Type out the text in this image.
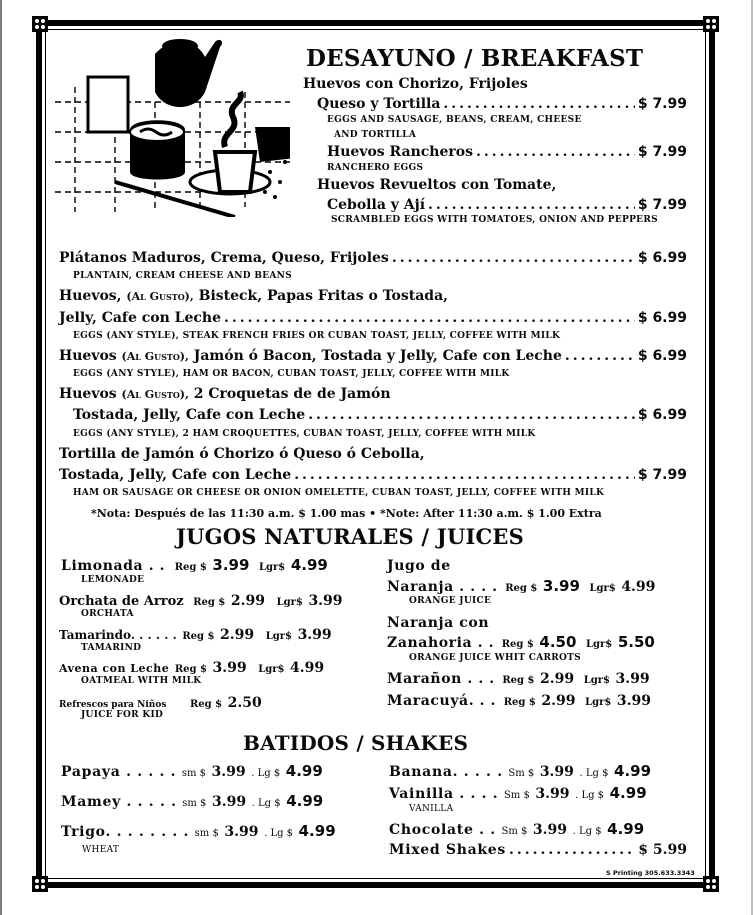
DESAYUNO / BREAKFAST
Huevos con Chorizo, Frijoles
Queso y Tortilla .....	$ 7.99
EGGS AND SAUSAGE, BEANS, CREAM, CHEESE
AND TORTILLA
Huevos Rancheros .....	$ 7.99
RANCHERO EGGS
Huevos Revueltos con Tomate,
Cebolla y Ají .....	$ 7.99
SCRAMBLED EGGS WITH TOMATOES, ONION AND PEPPERS
Plátanos Maduros, Crema, Queso, Frijoles .....	$ 6.99
PLANTAIN, CREAM CHEESE AND BEANS
Huevos, (Al Gusto), Bisteck, Papas Fritas o Tostada,
Jelly, Cafe con Leche .....	$ 6.99
EGGS (ANY STYLE), STEAK FRENCH FRIES OR CUBAN TOAST, JELLY, COFFEE WITH MILK
Huevos (Al Gusto), Jamón ó Bacon, Tostada y Jelly, Cafe con Leche .....	$ 6.99
EGGS (ANY STYLE), HAM OR BACON, CUBAN TOAST, JELLY, COFFEE WITH MILK
Huevos (Al Gusto), 2 Croquetas de de Jamón
Tostada, Jelly, Cafe con Leche .....	$ 6.99
EGGS (ANY STYLE), 2 HAM CROQUETTES, CUBAN TOAST, JELLY, COFFEE WITH MILK
Tortilla de Jamón ó Chorizo ó Queso ó Cebolla,
Tostada, Jelly, Cafe con Leche .....	$ 7.99
HAM OR SAUSAGE OR CHEESE OR ONION OMELETTE, CUBAN TOAST, JELLY, COFFEE WITH MILK
*Nota: Después de las 11:30 a.m. $ 1.00 mas • *Note: After 11:30 a.m. $ 1.00 Extra
JUGOS NATURALES / JUICES
Limonada . . Reg $ 3.99 Lgr$ 4.99
LEMONADE
Orchata de Arroz Reg $ 2.99 Lgr$ 3.99
ORCHATA
Tamarindo. . . . . . Reg $ 2.99 Lgr$ 3.99
TAMARIND
Avena con Leche Reg $ 3.99 Lgr$ 4.99
OATMEAL WITH MILK
Refrescos para Niños Reg $ 2.50
JUICE FOR KID
Jugo de
Naranja . . . . Reg $ 3.99 Lgr$ 4.99
ORANGE JUICE
Naranja con
Zanahoria . . Reg $ 4.50 Lgr$ 5.50
ORANGE JUICE WHIT CARROTS
Marañon . . . Reg $ 2.99 Lgr$ 3.99
Maracuyá. . . Reg $ 2.99 Lgr$ 3.99
BATIDOS / SHAKES
Papaya . . . . . sm $ 3.99 . Lg $ 4.99
Mamey . . . . . sm $ 3.99 . Lg $ 4.99
Trigo. . . . . . . . sm $ 3.99 . Lg $ 4.99
WHEAT
Banana. . . . . Sm $ 3.99 . Lg $ 4.99
Vainilla . . . . Sm $ 3.99 . Lg $ 4.99
VANILLA
Chocolate . . Sm $ 3.99 . Lg $ 4.99
Mixed Shakes .....	$ 5.99
S Printing 305.633.3343
